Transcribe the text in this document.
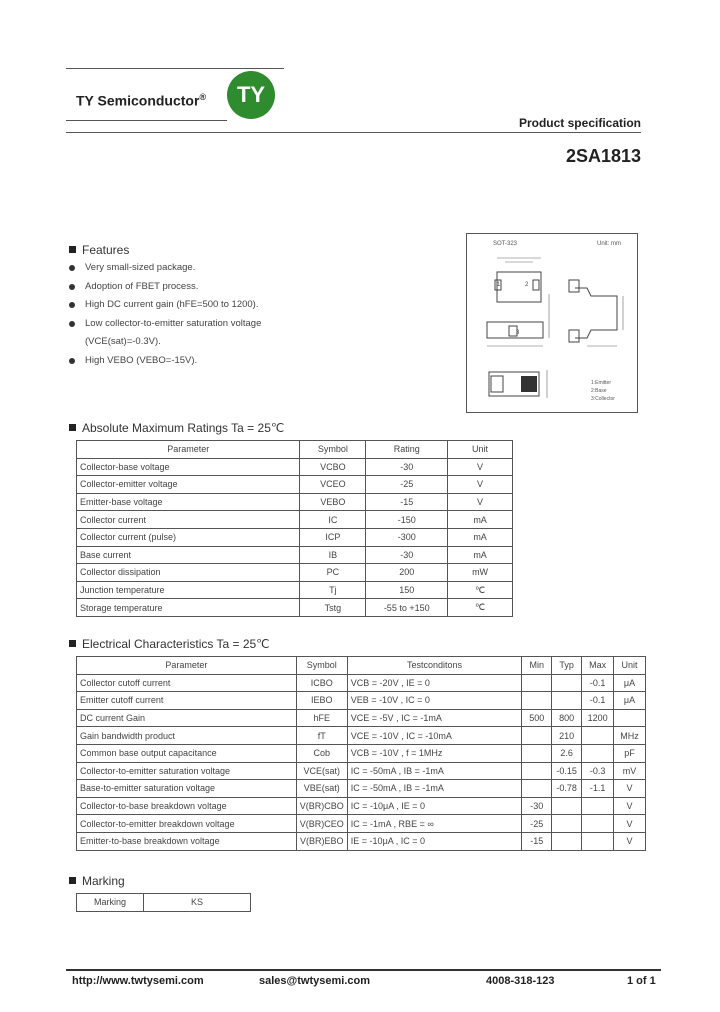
TY Semiconductor® TY
Product specification
2SA1813
Features
Very small-sized package.
Adoption of FBET process.
High DC current gain (hFE=500 to 1200).
Low collector-to-emitter saturation voltage
(VCE(sat)=-0.3V).
High VEBO (VEBO=-15V).
SOT-323	Unit: mm
1	2
3
1:Emitter
2:Base
3:Collector
Absolute Maximum Ratings Ta = 25℃
Parameter	Symbol	Rating	Unit
Collector-base voltage	VCBO	-30	V
Collector-emitter voltage	VCEO	-25	V
Emitter-base voltage	VEBO	-15	V
Collector current	IC	-150	mA
Collector current (pulse)	ICP	-300	mA
Base current	IB	-30	mA
Collector dissipation	PC	200	mW
Junction temperature	Tj	150	℃
Storage temperature	Tstg	-55 to +150	℃
Electrical Characteristics Ta = 25℃
Parameter	Symbol	Testconditons	Min	Typ	Max	Unit
Collector cutoff current	ICBO	VCB = -20V , IE = 0			-0.1	μA
Emitter cutoff current	IEBO	VEB = -10V , IC = 0			-0.1	μA
DC current Gain	hFE	VCE = -5V , IC = -1mA	500	800	1200	
Gain bandwidth product	fT	VCE = -10V , IC = -10mA		210		MHz
Common base output capacitance	Cob	VCB = -10V , f = 1MHz		2.6		pF
Collector-to-emitter saturation voltage	VCE(sat)	IC = -50mA , IB = -1mA		-0.15	-0.3	mV
Base-to-emitter saturation voltage	VBE(sat)	IC = -50mA , IB = -1mA		-0.78	-1.1	V
Collector-to-base breakdown voltage	V(BR)CBO	IC = -10μA , IE = 0	-30			V
Collector-to-emitter breakdown voltage	V(BR)CEO	IC = -1mA , RBE = ∞	-25			V
Emitter-to-base breakdown voltage	V(BR)EBO	IE = -10μA , IC = 0	-15			V
Marking
Marking	KS
http://www.twtysemi.com	sales@twtysemi.com	4008-318-123	1 of 1
